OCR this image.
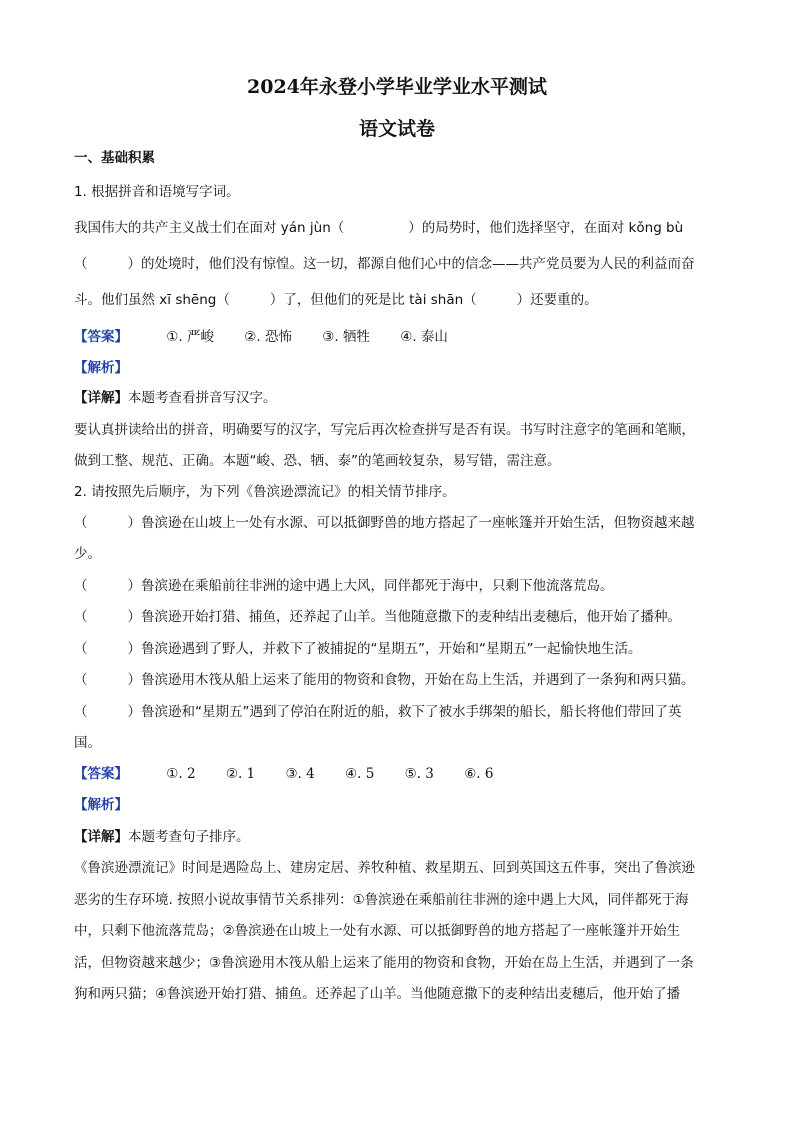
2024年永登小学毕业学业水平测试
语文试卷
一、基础积累
1. 根据拼音和语境写字词。
我国伟大的共产主义战士们在面对 yán jùn（	）的局势时，他们选择坚守，在面对 kǒng bù
（	）的处境时，他们没有惊惶。这一切，都源自他们心中的信念——共产党员要为人民的利益而奋
斗。他们虽然 xī shēng（	）了，但他们的死是比 tài shān（	）还要重的。
【答案】	①. 严峻 ②. 恐怖 ③. 牺牲 ④. 泰山
【解析】
【详解】本题考查看拼音写汉字。
要认真拼读给出的拼音，明确要写的汉字，写完后再次检查拼写是否有误。书写时注意字的笔画和笔顺，
做到工整、规范、正确。本题“峻、恐、牺、泰”的笔画较复杂，易写错，需注意。
2. 请按照先后顺序，为下列《鲁滨逊漂流记》的相关情节排序。
（	）鲁滨逊在山坡上一处有水源、可以抵御野兽的地方搭起了一座帐篷并开始生活，但物资越来越
少。
（	）鲁滨逊在乘船前往非洲的途中遇上大风，同伴都死于海中，只剩下他流落荒岛。
（	）鲁滨逊开始打猎、捕鱼，还养起了山羊。当他随意撒下的麦种结出麦穗后，他开始了播种。
（	）鲁滨逊遇到了野人，并救下了被捕捉的“星期五”，开始和“星期五”一起愉快地生活。
（	）鲁滨逊用木筏从船上运来了能用的物资和食物，开始在岛上生活，并遇到了一条狗和两只猫。
（	）鲁滨逊和“星期五”遇到了停泊在附近的船，救下了被水手绑架的船长，船长将他们带回了英
国。
【答案】	①. 2 ②. 1 ③. 4 ④. 5 ⑤. 3 ⑥. 6
【解析】
【详解】本题考查句子排序。
《鲁滨逊漂流记》时间是遇险岛上、建房定居、养牧种植、救星期五、回到英国这五件事，突出了鲁滨逊
恶劣的生存环境. 按照小说故事情节关系排列：①鲁滨逊在乘船前往非洲的途中遇上大风，同伴都死于海
中，只剩下他流落荒岛；②鲁滨逊在山坡上一处有水源、可以抵御野兽的地方搭起了一座帐篷并开始生
活，但物资越来越少；③鲁滨逊用木筏从船上运来了能用的物资和食物，开始在岛上生活，并遇到了一条
狗和两只猫；④鲁滨逊开始打猎、捕鱼。还养起了山羊。当他随意撒下的麦种结出麦穗后，他开始了播
